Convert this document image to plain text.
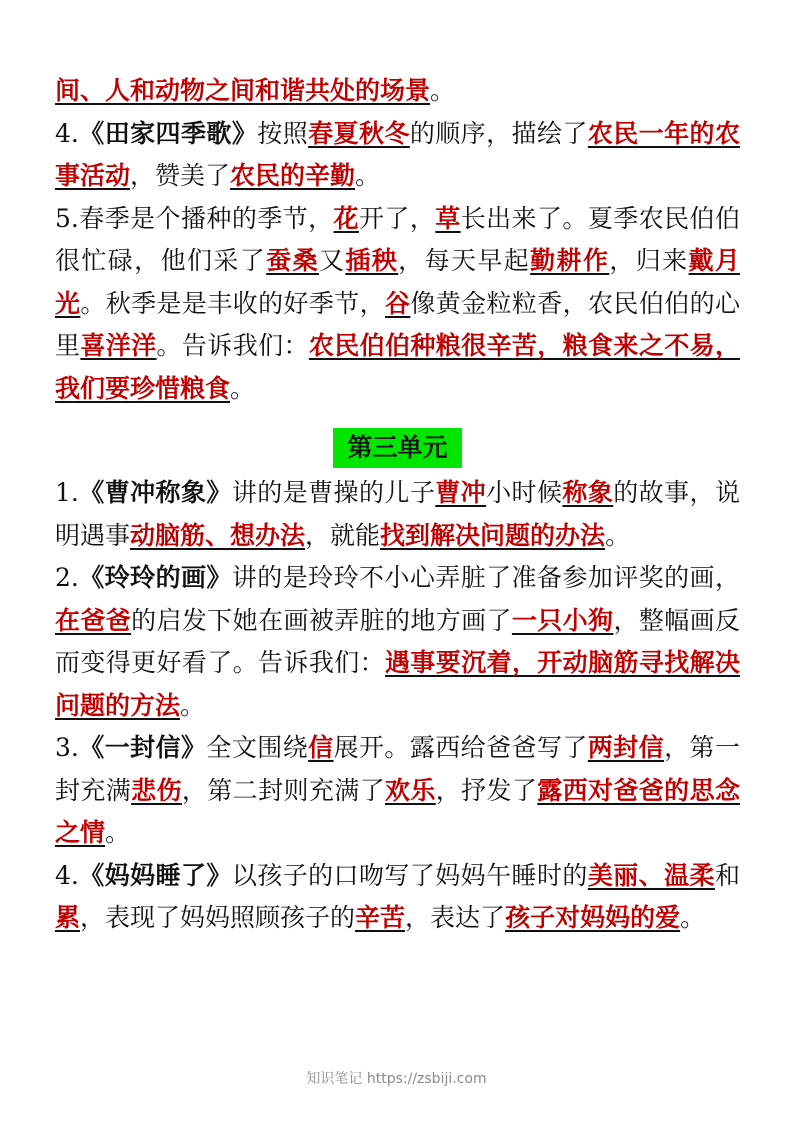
间、人和动物之间和谐共处的场景。
4.《田家四季歌》按照春夏秋冬的顺序，描绘了农民一年的农事活动，赞美了农民的辛勤。
5.春季是个播种的季节，花开了，草长出来了。夏季农民伯伯很忙碌，他们采了蚕桑又插秧，每天早起勤耕作，归来戴月光。秋季是是丰收的好季节，谷像黄金粒粒香，农民伯伯的心里喜洋洋。告诉我们：农民伯伯种粮很辛苦，粮食来之不易，我们要珍惜粮食。
第三单元
1.《曹冲称象》讲的是曹操的儿子曹冲小时候称象的故事，说明遇事动脑筋、想办法，就能找到解决问题的办法。
2.《玲玲的画》讲的是玲玲不小心弄脏了准备参加评奖的画，在爸爸的启发下她在画被弄脏的地方画了一只小狗，整幅画反而变得更好看了。告诉我们：遇事要沉着，开动脑筋寻找解决问题的方法。
3.《一封信》全文围绕信展开。露西给爸爸写了两封信，第一封充满悲伤，第二封则充满了欢乐，抒发了露西对爸爸的思念之情。
4.《妈妈睡了》以孩子的口吻写了妈妈午睡时的美丽、温柔和累，表现了妈妈照顾孩子的辛苦，表达了孩子对妈妈的爱。
知识笔记 https://zsbiji.com
